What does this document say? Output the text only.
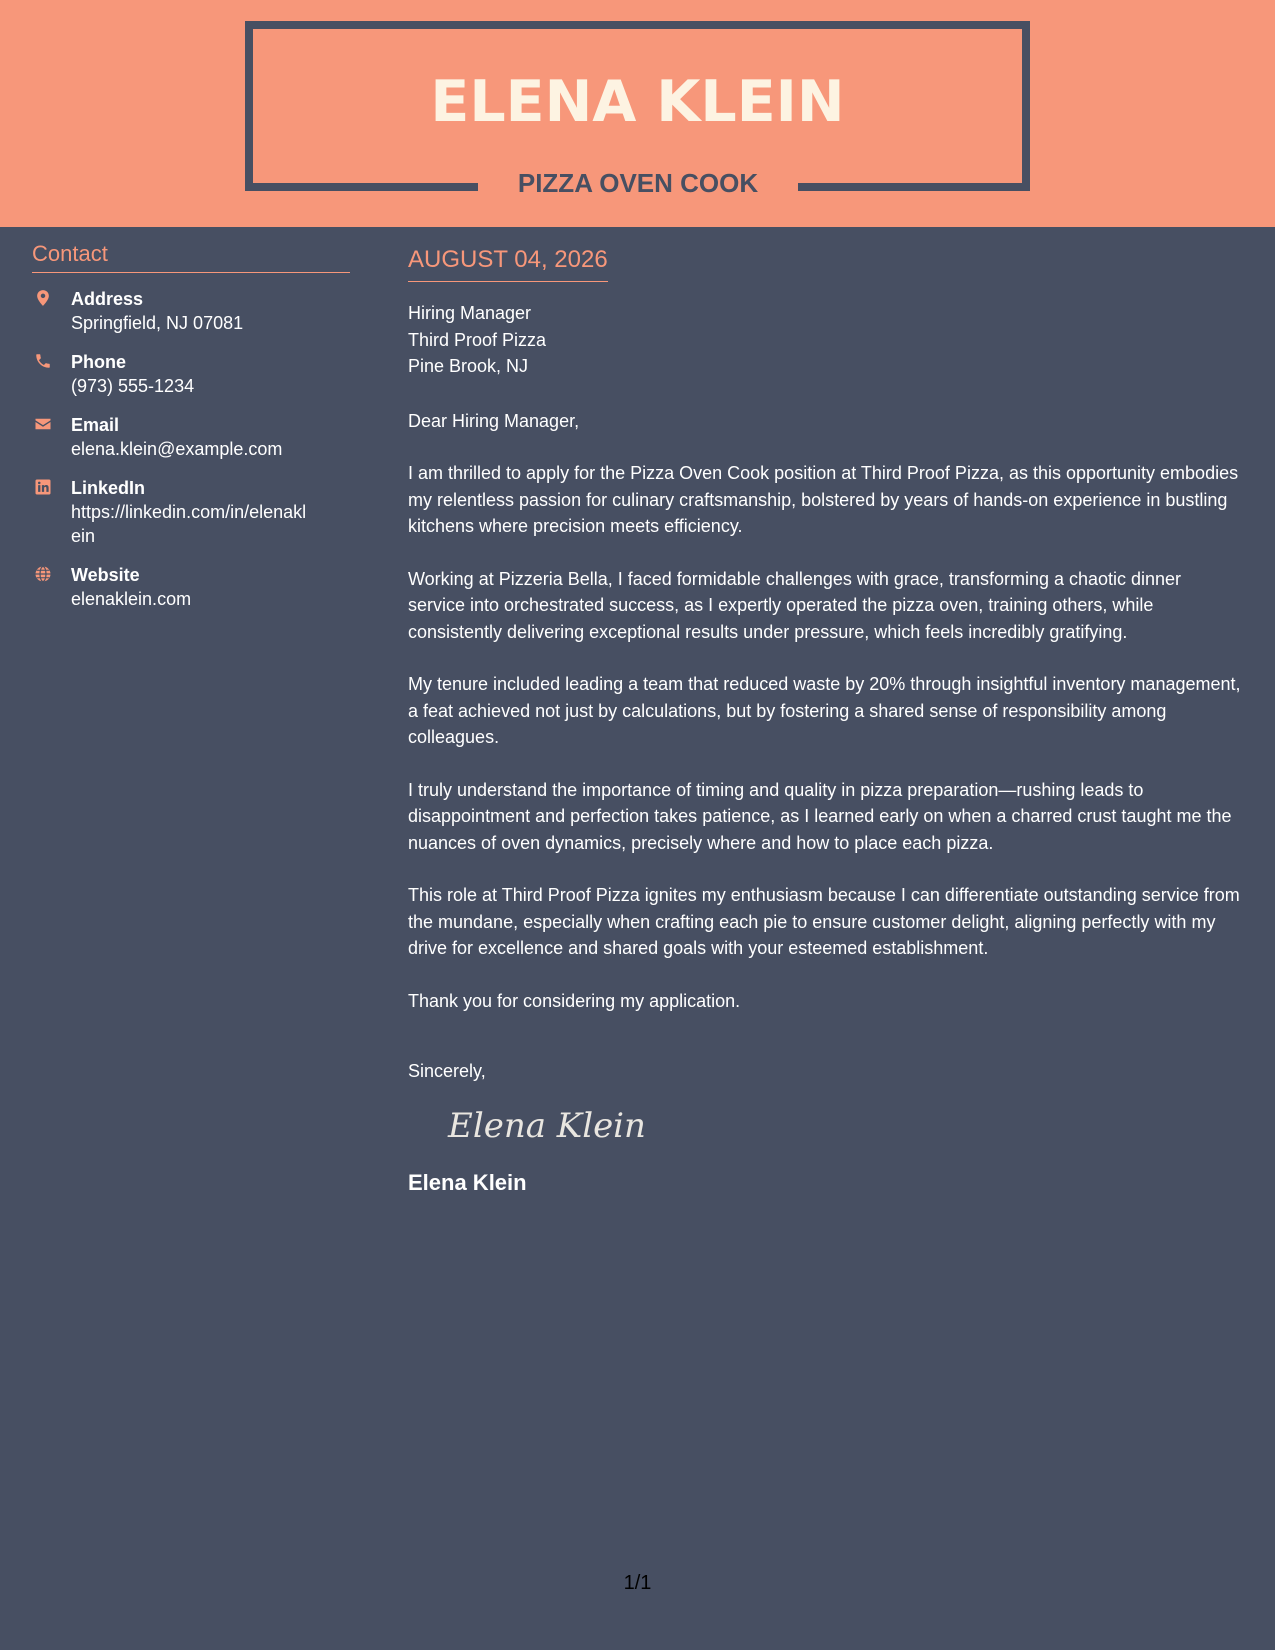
ELENA KLEIN
PIZZA OVEN COOK
Contact
Address
Springfield, NJ 07081
Phone
(973) 555-1234
Email
elena.klein@example.com
LinkedIn
https://linkedin.com/in/elenaklein
Website
elenaklein.com
AUGUST 04, 2026
Hiring Manager
Third Proof Pizza
Pine Brook, NJ

Dear Hiring Manager,

I am thrilled to apply for the Pizza Oven Cook position at Third Proof Pizza, as this opportunity embodies my relentless passion for culinary craftsmanship, bolstered by years of hands-on experience in bustling kitchens where precision meets efficiency.

Working at Pizzeria Bella, I faced formidable challenges with grace, transforming a chaotic dinner service into orchestrated success, as I expertly operated the pizza oven, training others, while consistently delivering exceptional results under pressure, which feels incredibly gratifying.

My tenure included leading a team that reduced waste by 20% through insightful inventory management, a feat achieved not just by calculations, but by fostering a shared sense of responsibility among colleagues.

I truly understand the importance of timing and quality in pizza preparation—rushing leads to disappointment and perfection takes patience, as I learned early on when a charred crust taught me the nuances of oven dynamics, precisely where and how to place each pizza.

This role at Third Proof Pizza ignites my enthusiasm because I can differentiate outstanding service from the mundane, especially when crafting each pie to ensure customer delight, aligning perfectly with my drive for excellence and shared goals with your esteemed establishment.

Thank you for considering my application.

Sincerely,

Elena Klein
Elena Klein
1/1
